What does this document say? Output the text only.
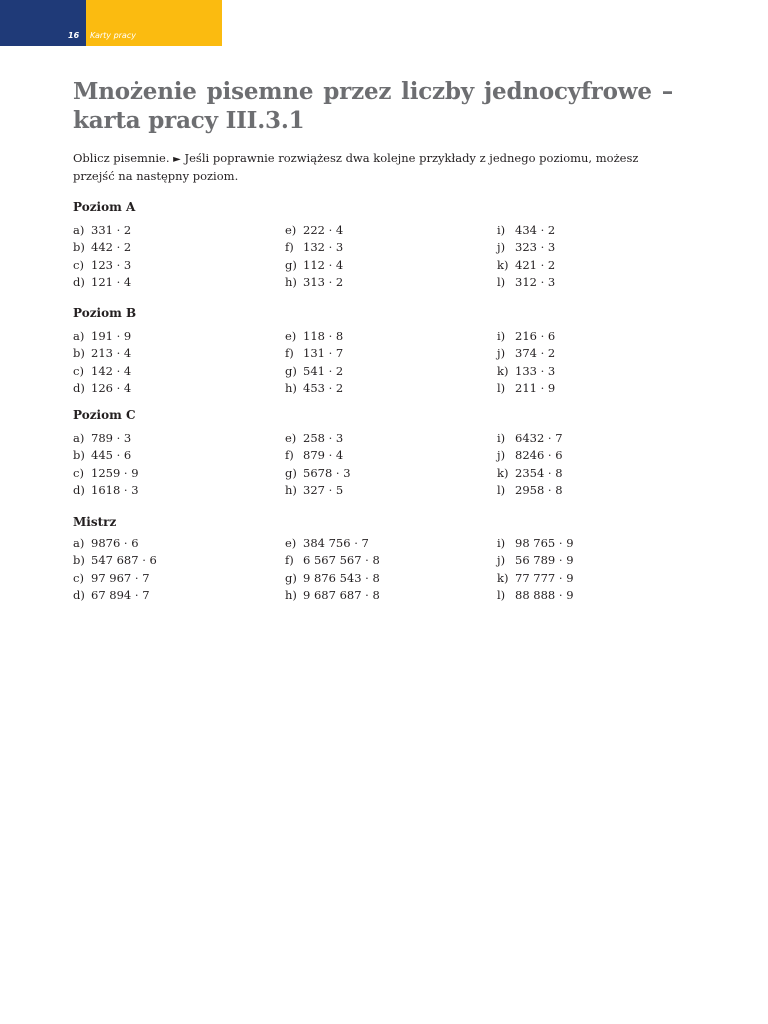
16 Karty pracy
Mnożenie pisemne przez liczby jednocyfrowe – karta pracy III.3.1
Oblicz pisemnie. ► Jeśli poprawnie rozwiążesz dwa kolejne przykłady z jednego poziomu, możesz przejść na następny poziom.
Poziom A
a) 331 · 2
b) 442 · 2
c) 123 · 3
d) 121 · 4
e) 222 · 4
f) 132 · 3
g) 112 · 4
h) 313 · 2
i) 434 · 2
j) 323 · 3
k) 421 · 2
l) 312 · 3
Poziom B
a) 191 · 9
b) 213 · 4
c) 142 · 4
d) 126 · 4
e) 118 · 8
f) 131 · 7
g) 541 · 2
h) 453 · 2
i) 216 · 6
j) 374 · 2
k) 133 · 3
l) 211 · 9
Poziom C
a) 789 · 3
b) 445 · 6
c) 1259 · 9
d) 1618 · 3
e) 258 · 3
f) 879 · 4
g) 5678 · 3
h) 327 · 5
i) 6432 · 7
j) 8246 · 6
k) 2354 · 8
l) 2958 · 8
Mistrz
a) 9876 · 6
b) 547 687 · 6
c) 97 967 · 7
d) 67 894 · 7
e) 384 756 · 7
f) 6 567 567 · 8
g) 9 876 543 · 8
h) 9 687 687 · 8
i) 98 765 · 9
j) 56 789 · 9
k) 77 777 · 9
l) 88 888 · 9
